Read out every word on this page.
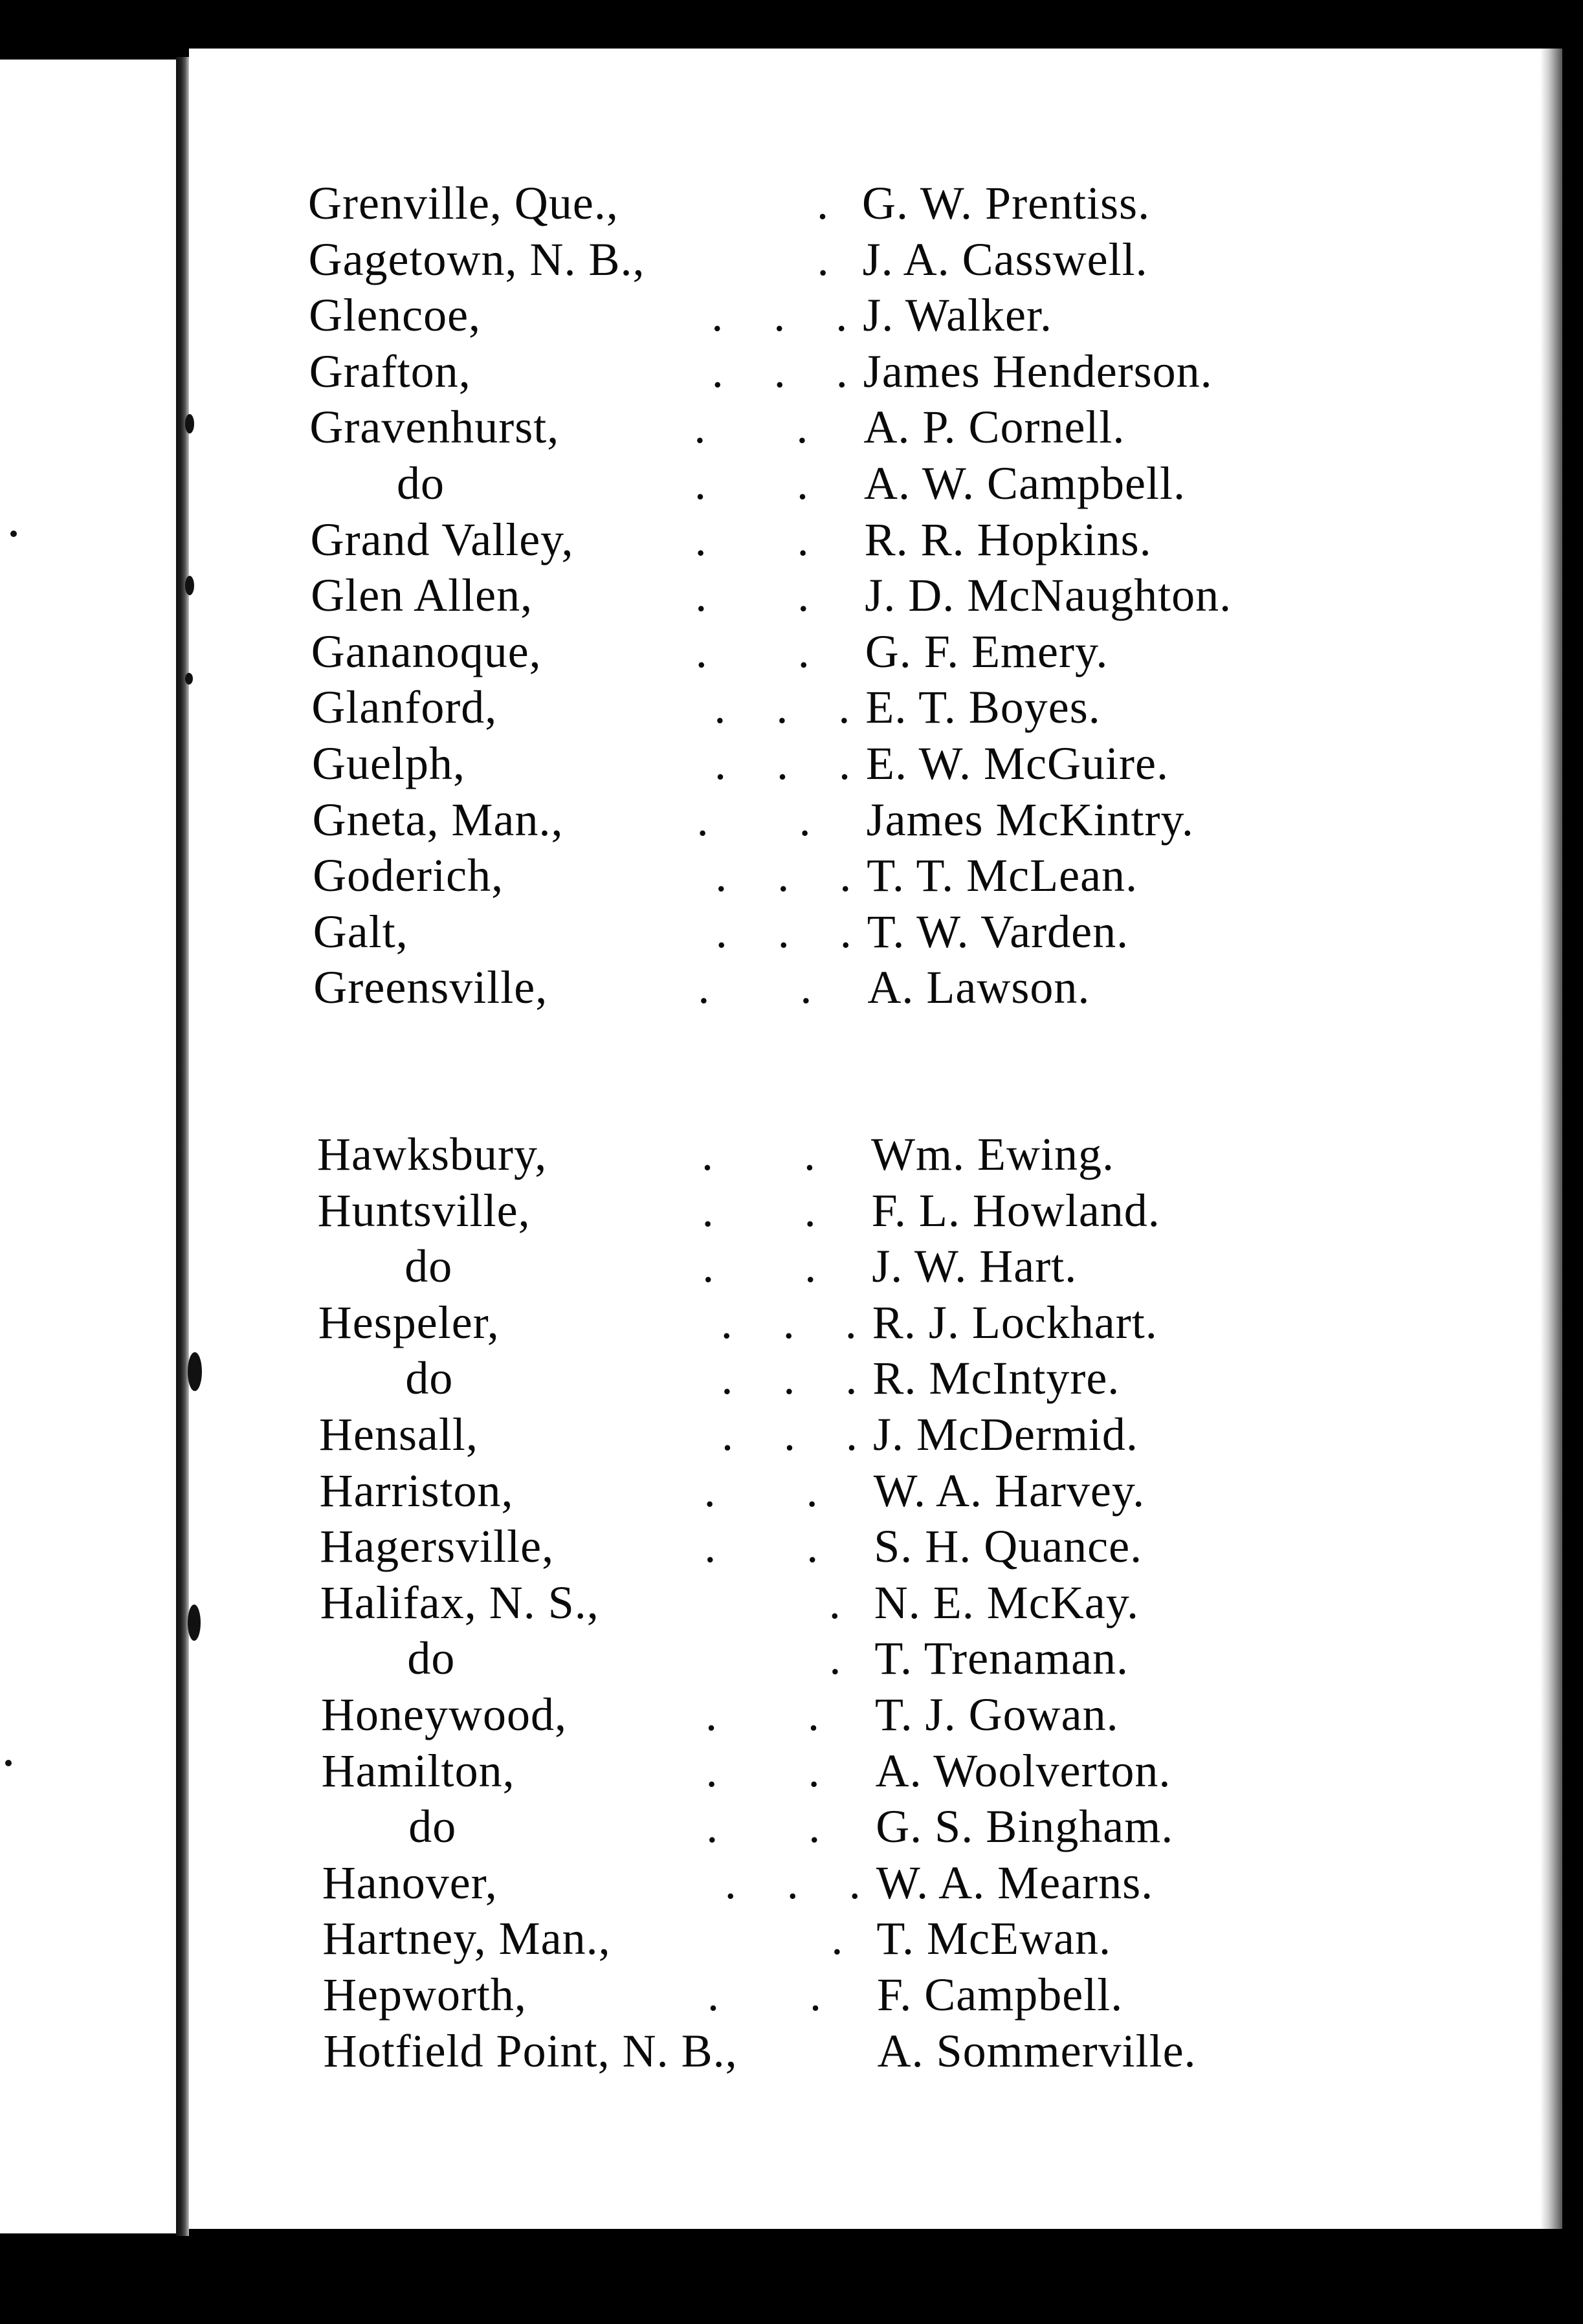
Grenville, Que.,	. G. W. Prentiss.
Gagetown, N. B.,	. J. A. Casswell.
Glencoe,	. . . J. Walker.
Grafton,	. . . James Henderson.
Gravenhurst,	. . A. P. Cornell.
do	. . A. W. Campbell.
Grand Valley,	. . R. R. Hopkins.
Glen Allen,	. . J. D. McNaughton.
Gananoque,	. . G. F. Emery.
Glanford,	. . . E. T. Boyes.
Guelph,	. . . E. W. McGuire.
Gneta, Man.,	. . James McKintry.
Goderich,	. . . T. T. McLean.
Galt,	. . . T. W. Varden.
Greensville,	. . A. Lawson.
Hawksbury,	. . Wm. Ewing.
Huntsville,	. . F. L. Howland.
do	. . J. W. Hart.
Hespeler,	. . . R. J. Lockhart.
do	. . . R. McIntyre.
Hensall,	. . . J. McDermid.
Harriston,	. . W. A. Harvey.
Hagersville,	. . S. H. Quance.
Halifax, N. S.,	. N. E. McKay.
do	. T. Trenaman.
Honeywood,	. . T. J. Gowan.
Hamilton,	. . A. Woolverton.
do	. . G. S. Bingham.
Hanover,	. . . W. A. Mearns.
Hartney, Man.,	. T. McEwan.
Hepworth,	. . F. Campbell.
Hotfield Point, N. B.,	A. Sommerville.
